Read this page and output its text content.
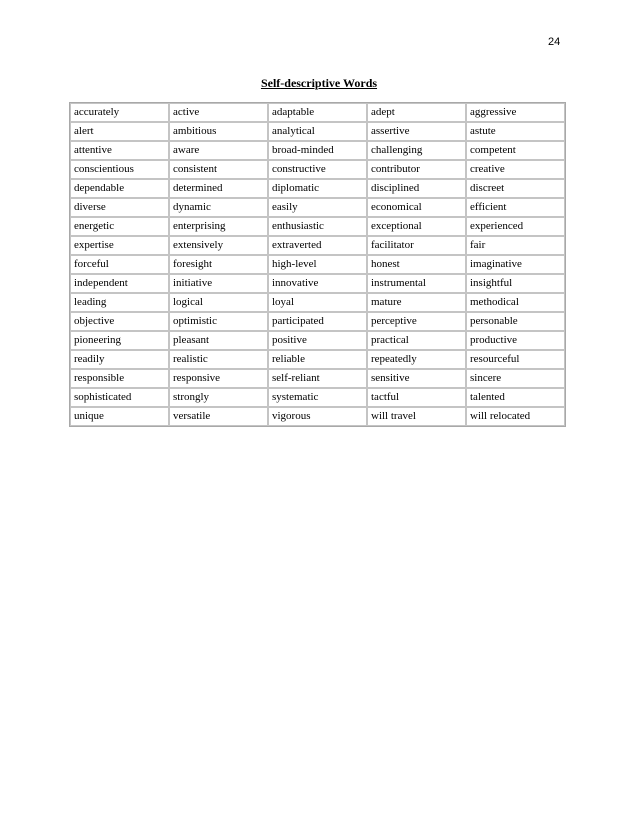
24
Self-descriptive Words
accurately	active	adaptable	adept	aggressive
alert	ambitious	analytical	assertive	astute
attentive	aware	broad-minded	challenging	competent
conscientious	consistent	constructive	contributor	creative
dependable	determined	diplomatic	disciplined	discreet
diverse	dynamic	easily	economical	efficient
energetic	enterprising	enthusiastic	exceptional	experienced
expertise	extensively	extraverted	facilitator	fair
forceful	foresight	high-level	honest	imaginative
independent	initiative	innovative	instrumental	insightful
leading	logical	loyal	mature	methodical
objective	optimistic	participated	perceptive	personable
pioneering	pleasant	positive	practical	productive
readily	realistic	reliable	repeatedly	resourceful
responsible	responsive	self-reliant	sensitive	sincere
sophisticated	strongly	systematic	tactful	talented
unique	versatile	vigorous	will travel	will relocated
